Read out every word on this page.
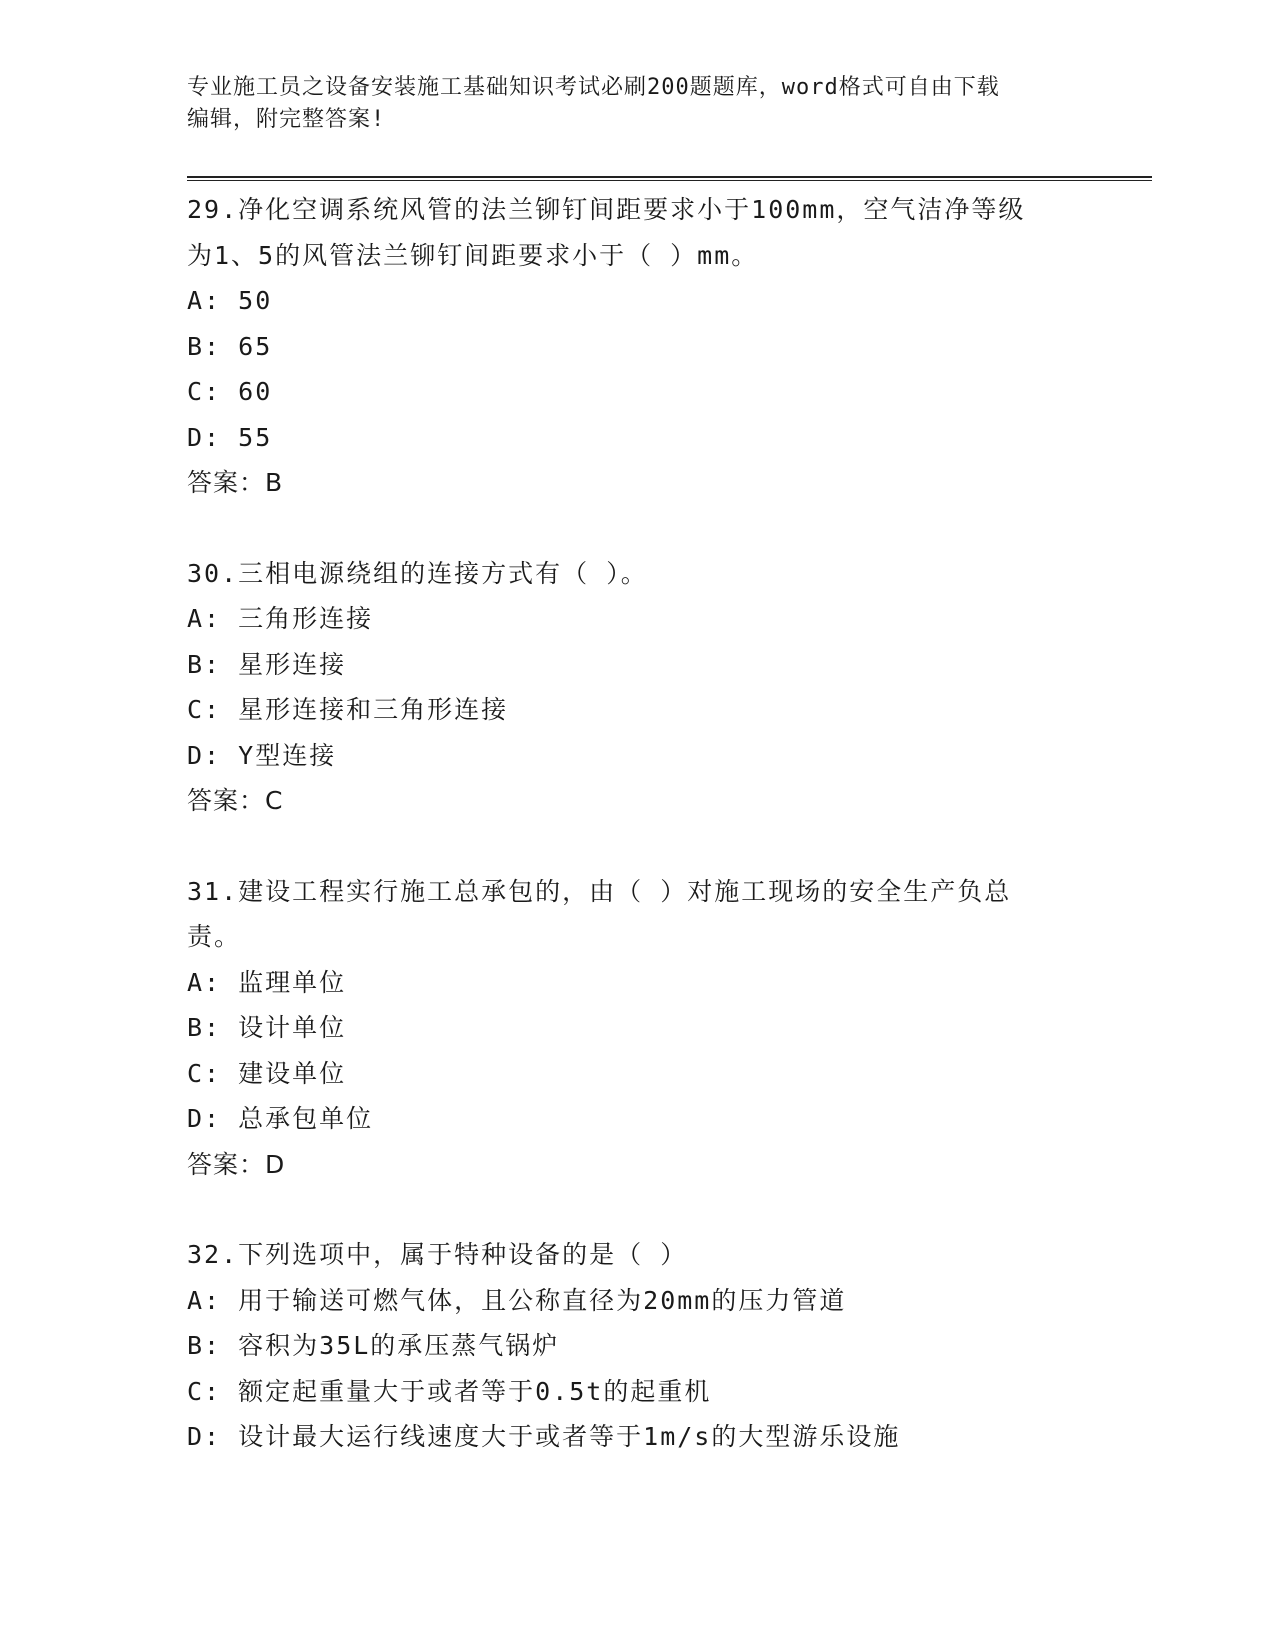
专业施工员之设备安装施工基础知识考试必刷200题题库，word格式可自由下载
编辑，附完整答案!
29.净化空调系统风管的法兰铆钉间距要求小于100mm，空气洁净等级
为1、5的风管法兰铆钉间距要求小于（ ）mm。
A: 50
B: 65
C: 60
D: 55
答案：B
30.三相电源绕组的连接方式有（ ）。
A: 三角形连接
B: 星形连接
C: 星形连接和三角形连接
D: Y型连接
答案：C
31.建设工程实行施工总承包的，由（ ）对施工现场的安全生产负总
责。
A: 监理单位
B: 设计单位
C: 建设单位
D: 总承包单位
答案：D
32.下列选项中，属于特种设备的是（ ）
A: 用于输送可燃气体，且公称直径为20mm的压力管道
B: 容积为35L的承压蒸气锅炉
C: 额定起重量大于或者等于0.5t的起重机
D: 设计最大运行线速度大于或者等于1m/s的大型游乐设施
